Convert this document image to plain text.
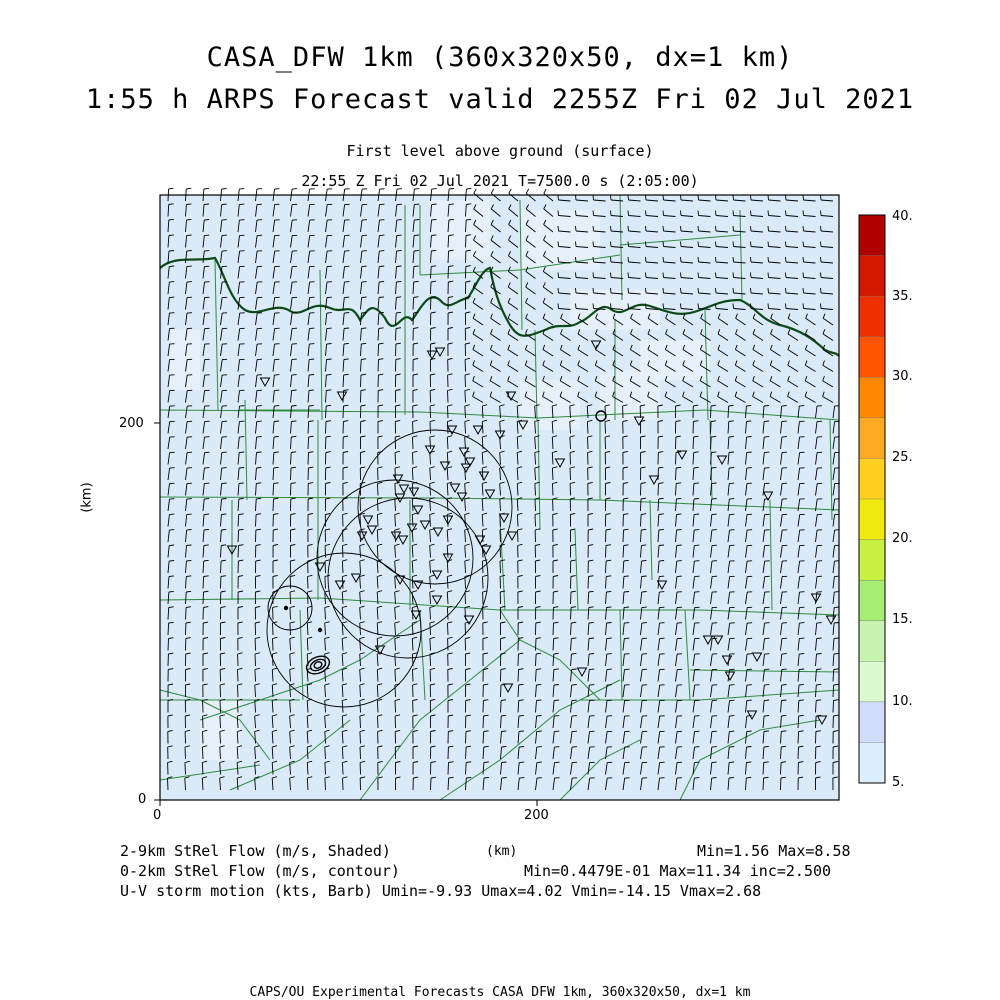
CASA_DFW 1km (360x320x50, dx=1 km)
1:55 h ARPS Forecast valid 2255Z Fri 02 Jul 2021
First level above ground (surface)
22:55 Z Fri 02 Jul 2021 T=7500.0 s (2:05:00)
0	200
0
200
(km)
40.
35.
30.
25.
20.
15.
10.
5.
2-9km StRel Flow (m/s, Shaded)	(km)	Min=1.56 Max=8.58
0-2km StRel Flow (m/s, contour)	Min=0.4479E-01 Max=11.34 inc=2.500
U-V storm motion (kts, Barb) Umin=-9.93 Umax=4.02 Vmin=-14.15 Vmax=2.68
CAPS/OU Experimental Forecasts CASA DFW 1km, 360x320x50, dx=1 km
